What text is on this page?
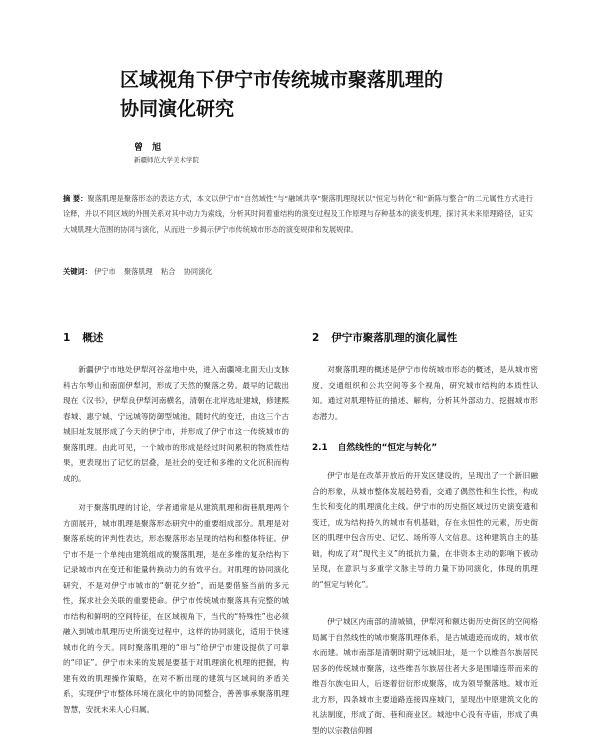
区域视角下伊宁市传统城市聚落肌理的
协同演化研究
曾 旭
新疆师范大学美术学院
摘 要：聚落肌理是聚落形态的表达方式，本文以伊宁市“自然域性”与“融域共享”聚落肌理现状以“恒定与转化”和“新陈与整合”的二元属性方式进行诠释，并以不同区域的外围关系对其中动力为索线，分析其时间着重结构的演变过程及工作原理与存种基本的演变机理，探讨其未来原理路径，证实大城肌理大范围的协同与演化，从而进一步揭示伊宁市传统城市形态的演变规律和发展规律。
关键词： 伊宁市 聚落肌理 粘合 协同演化
1 概述

新疆伊宁市地处伊犁河谷盆地中央，进入南疆境北面天山支脉科古尔琴山和南面伊犁河，形成了天然的聚落之势。最早的记载出现在《汉书》，伊犁良伊犁河南横名，清朝在北岸选址建城，修建熙春城、惠宁城、宁远城等防御型城池。随时代的变迁，由这三个古城旧址发展形成了今天的伊宁市，并形成了伊宁市这一传统城市的聚落肌理。由此可见，一个城市的形成是经过时间累积的物质性结果，更表现出了记忆的层叠，是社会的变迁和多维的文化沉积而构成的。

对于聚落肌理的讨论，学者通常是从建筑肌理和街巷肌理两个方面展开，城市肌理是聚落形态研究中的重要组成部分。肌理是对聚落系统的评判性表达，形态聚落形态呈现的结构和整体特征。伊宁市不是一个单纯由建筑组成的聚落肌理，是在多维的复杂结构下记录城市内在变迁和能量转换动力的有效平台。对肌理的协同演化研究，不是对伊宁市城市的“朝花夕拾”，而是要借鉴当前的多元性，探求社会关联的重要使命。伊宁市传统城市聚落具有完整的城市结构和鲜明的空间特征，在区域视角下，当代的“特殊性”也必须融入到城市肌理历史所演变过程中，这样的协同演化，适用于快速城市化的今天。同时聚落肌理的“串与”给伊宁市建设提供了可靠的“印证”。伊宁市未来的发展是要基于对肌理演化机理的把握，构建有效的肌理操作策略，在对不断出现的建筑与区域间的矛盾关系，实现伊宁市整体环境在演化中的协同整合，善善事承聚落肌理智慧，安抚未来人心归属。

2 伊宁市聚落肌理的演化属性

对聚落肌理的概述是伊宁市传统城市形态的概述，是从城市密度、交通组织和公共空间等多个视角，研究城市结构的本质性认知。通过对肌理特征的描述、解构，分析其外部动力、挖掘城市形态潜力。

2.1 自然线性的“恒定与转化”

伊宁市是在改革开放后的开发区建设的，呈现出了一个新旧融合的形象，从城市整体发展趋势看，交通了偶然性和生长性，构成生长和变化的肌理演化主线。伊宁市的历史指区域过历史演变遗和变迁，成为结构持久的城市有机基础，存在永恒性的元素，历史街区的肌理中包含历史、记忆、场所等人文信息。这种建筑自主的基础，构成了对“现代主义”的抵抗力量，在非资本主动的影响下被动呈现，在意识与多重学文脉主导的力量下协同演化，体现的肌理的“恒定与转化”。

伊宁城区内南部的清城镇，伊犁河和额达街历史街区的空间格局属于自然线性的城市聚落肌理体系，是古城遗迹而成的，城市依水而建。城市南部是清朝时期宁远城旧址，是一个以维吾尔族居民居多的传统城市聚落，这些维吾尔族居住者大多是围墙连带而来的维吾尔族屯田人，后逐着衍衍形成聚落，成为领导聚落地。城市近北方形，四条城市主要道路连接四座城门，显现出中原建筑文化的礼法制度，形成了街、巷和商业区。城池中心没有寺庙，形成了典型的以宗教信仰圆
